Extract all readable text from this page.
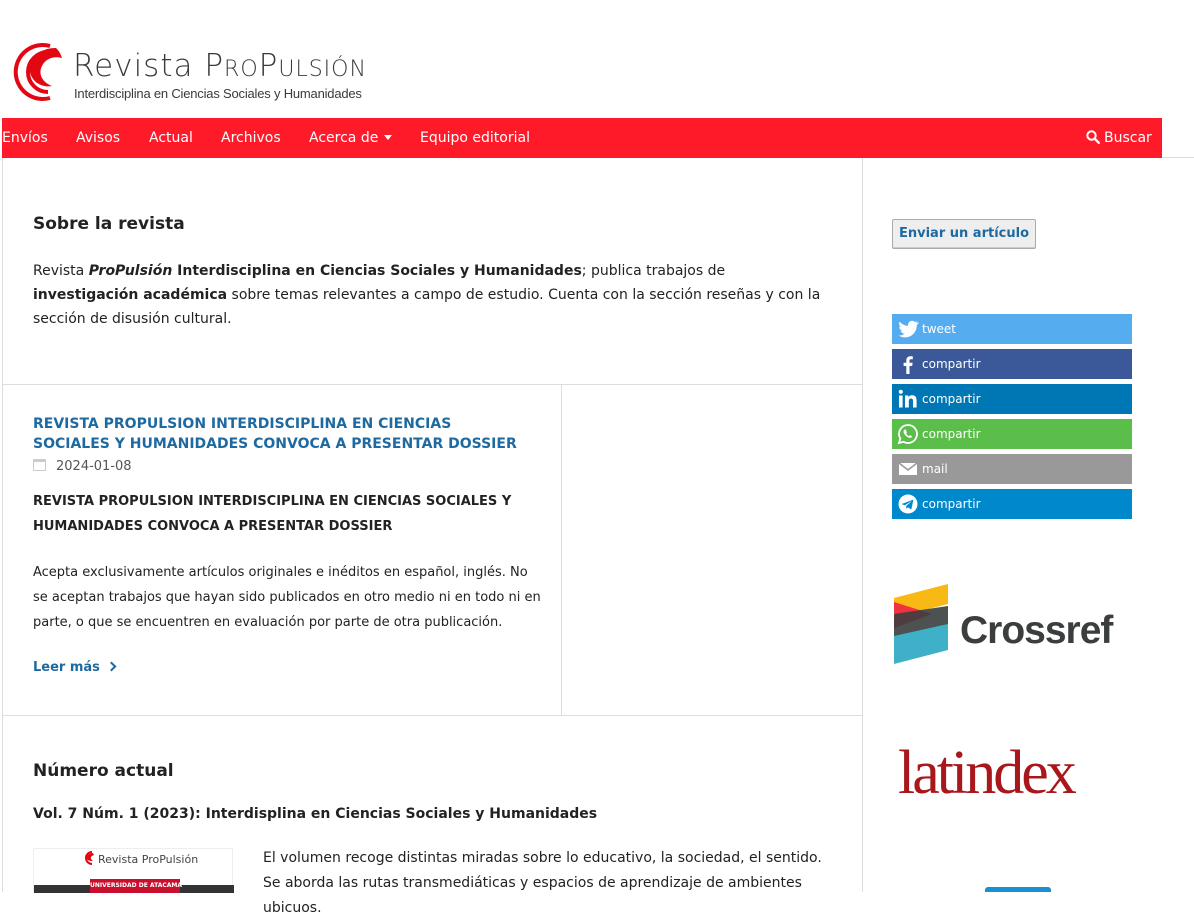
Revista PROPULSIÓN
Interdisciplina en Ciencias Sociales y Humanidades
Envíos Avisos Actual Archivos Acerca de	Equipo editorial	Buscar
Sobre la revista
Revista ProPulsión Interdisciplina en Ciencias Sociales y Humanidades; publica trabajos de investigación académica sobre temas relevantes a campo de estudio. Cuenta con la sección reseñas y con la sección de disusión cultural.
REVISTA PROPULSION INTERDISCIPLINA EN CIENCIAS SOCIALES Y HUMANIDADES CONVOCA A PRESENTAR DOSSIER
2024-01-08
REVISTA PROPULSION INTERDISCIPLINA EN CIENCIAS SOCIALES Y HUMANIDADES CONVOCA A PRESENTAR DOSSIER
Acepta exclusivamente artículos originales e inéditos en español, inglés. No se aceptan trabajos que hayan sido publicados en otro medio ni en todo ni en parte, o que se encuentren en evaluación por parte de otra publicación.
Leer más
Número actual
Vol. 7 Núm. 1 (2023): Interdisplina en Ciencias Sociales y Humanidades
Revista ProPulsión
UNIVERSIDAD DE ATACAMA
El volumen recoge distintas miradas sobre lo educativo, la sociedad, el sentido. Se aborda las rutas transmediáticas y espacios de aprendizaje de ambientes ubicuos.
Enviar un artículo
tweet
compartir
compartir
compartir
mail
compartir
Crossref
latindex
